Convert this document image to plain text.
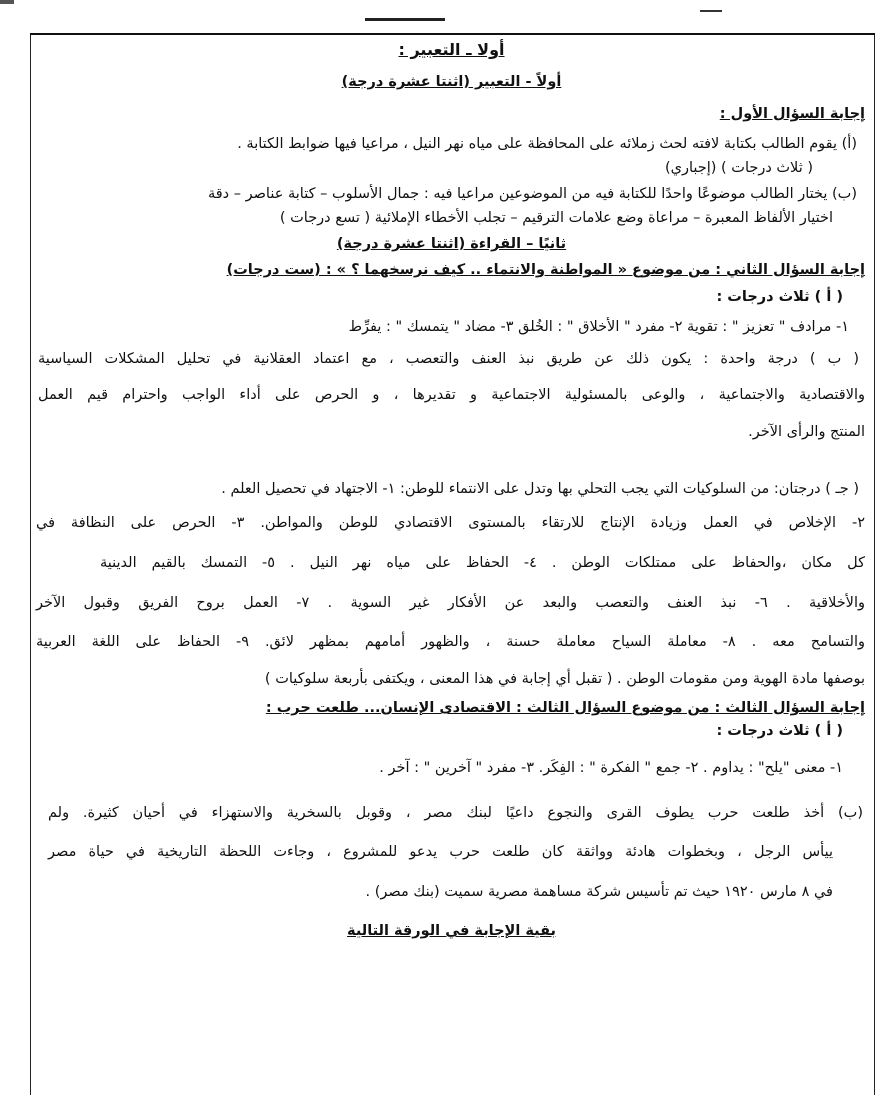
أولا ـ التعبير :
أولاً - التعبير (اثنتا عشرة درجة)
إجابة السؤال الأول :
(أ) يقوم الطالب بكتابة لافته لحث زملائه على المحافظة على مياه نهر النيل ، مراعيا فيها ضوابط الكتابة .
( ثلاث درجات ) (إجباري)
(ب) يختار الطالب موضوعًا واحدًا للكتابة فيه من الموضوعين مراعيا فيه : جمال الأسلوب – كتابة عناصر – دقة
اختيار الألفاظ المعبرة – مراعاة وضع علامات الترقيم – تجلب الأخطاء الإملائية ( تسع درجات )
ثانيًا – القراءة (اثنتا عشرة درجة)
إجابة السؤال الثاني : من موضوع « المواطنة والانتماء .. كيف نرسخهما ؟ » : (ست درجات)
( أ ) ثلاث درجات :
١- مرادف " تعزيز " : تقوية ٢- مفرد " الأخلاق " : الخُلق ٣- مضاد " يتمسك " : يفرِّط
( ب ) درجة واحدة : يكون ذلك عن طريق نبذ العنف والتعصب ، مع اعتماد العقلانية في تحليل المشكلات السياسية
والاقتصادية والاجتماعية ، والوعى بالمسئولية الاجتماعية و تقديرها ، و الحرص على أداء الواجب واحترام قيم العمل
المنتج والرأى الآخر.
( جـ ) درجتان: من السلوكيات التي يجب التحلي بها وتدل على الانتماء للوطن: ١- الاجتهاد في تحصيل العلم .
٢- الإخلاص في العمل وزيادة الإنتاج للارتقاء بالمستوى الاقتصادي للوطن والمواطن. ٣- الحرص على النظافة في
كل مكان ،والحفاظ على ممتلكات الوطن . ٤- الحفاظ على مياه نهر النيل . ٥- التمسك بالقيم الدينية
والأخلاقية . ٦- نبذ العنف والتعصب والبعد عن الأفكار غير السوية . ٧- العمل بروح الفريق وقبول الآخر
والتسامح معه . ٨- معاملة السياح معاملة حسنة ، والظهور أمامهم بمظهر لائق. ٩- الحفاظ على اللغة العربية
بوصفها مادة الهوية ومن مقومات الوطن . ( تقبل أي إجابة في هذا المعنى ، ويكتفى بأربعة سلوكيات )
إجابة السؤال الثالث : من موضوع السؤال الثالث : الاقتصادى الإنسان... طلعت حرب :
( أ ) ثلاث درجات :
١- معنى "يلح" : يداوم . ٢- جمع " الفكرة " : الفِكَر. ٣- مفرد " آخرين " : آخر .
(ب) أخذ طلعت حرب يطوف القرى والنجوع داعيًا لبنك مصر ، وقوبل بالسخرية والاستهزاء في أحيان كثيرة. ولم
ييأس الرجل ، وبخطوات هادئة وواثقة كان طلعت حرب يدعو للمشروع ، وجاءت اللحظة التاريخية في حياة مصر
في ٨ مارس ١٩٢٠ حيث تم تأسيس شركة مساهمة مصرية سميت (بنك مصر) .
بقية الإجابة في الورقة التالية
